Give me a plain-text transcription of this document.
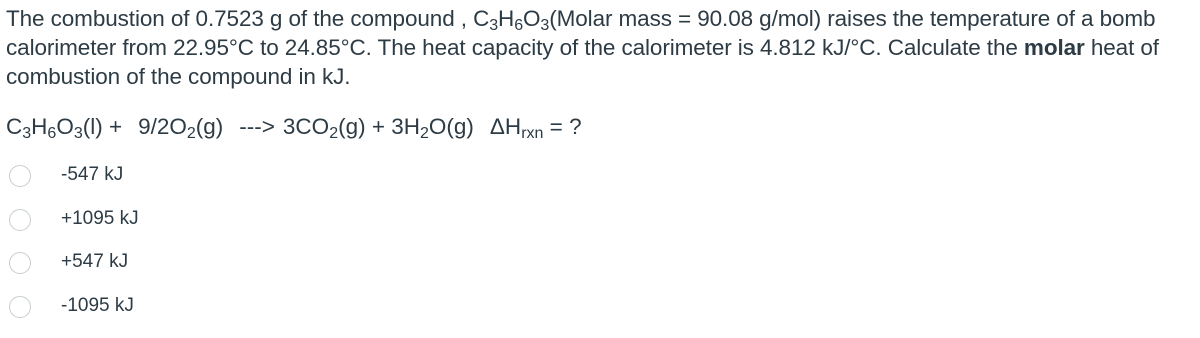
The combustion of 0.7523 g of the compound , $C_3H_6O_3(Molar$ mass = 90.08 g/mol) raises the temperature of a bomb calorimeter from 22.95°C to 24.85°C. The heat capacity of the calorimeter is 4.812 kJ/°C. Calculate the molar heat of combustion of the compound in kJ.
$C_3H_6O_3(l) + 9/2O_2(g)$ ---> $3CO_2(g) + 3H_2O(g) \Delta H_{rxn}$ = ?
-547 kJ
+1095 kJ
+547 kJ
-1095 kJ
